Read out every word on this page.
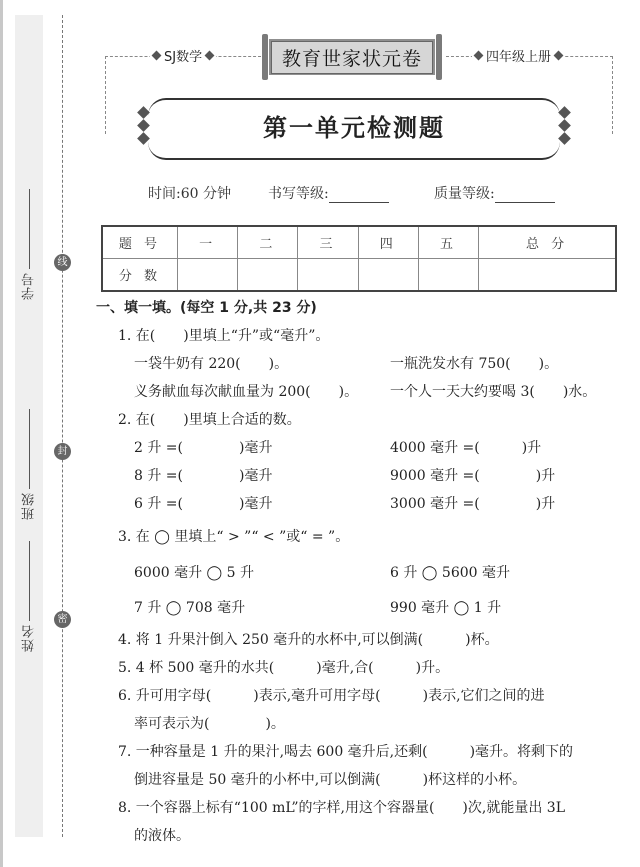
学号
班级
姓名
线
封
密
SJ数学	四年级上册
教育世家状元卷
第一单元检测题
时间:60 分钟	书写等级:	质量等级:
题 号	一	二	三	四	五	总 分
分 数						
一、填一填。(每空 1 分,共 23 分)
1. 在(　　)里填上“升”或“毫升”。
一袋牛奶有 220(　　)。	一瓶洗发水有 750(　　)。
义务献血每次献血量为 200(　　)。 一个人一天大约要喝 3(　　)水。
2. 在(　　)里填上合适的数。
2 升 =(　　　　)毫升	4000 毫升 =(　　　)升
8 升 =(　　　　)毫升	9000 毫升 =(　　　　)升
6 升 =(　　　　)毫升	3000 毫升 =(　　　　)升
3. 在 ◯ 里填上“ > ”“ < ”或“ = ”。
6000 毫升 ◯ 5 升	6 升 ◯ 5600 毫升
7 升 ◯ 708 毫升	990 毫升 ◯ 1 升
4. 将 1 升果汁倒入 250 毫升的水杯中,可以倒满(　　　)杯。
5. 4 杯 500 毫升的水共(　　　)毫升,合(　　　)升。
6. 升可用字母(　　　)表示,毫升可用字母(　　　)表示,它们之间的进
率可表示为(　　　　)。
7. 一种容量是 1 升的果汁,喝去 600 毫升后,还剩(　　　)毫升。将剩下的
倒进容量是 50 毫升的小杯中,可以倒满(　　　)杯这样的小杯。
8. 一个容器上标有“100 mL”的字样,用这个容器量(　　)次,就能量出 3L
的液体。
